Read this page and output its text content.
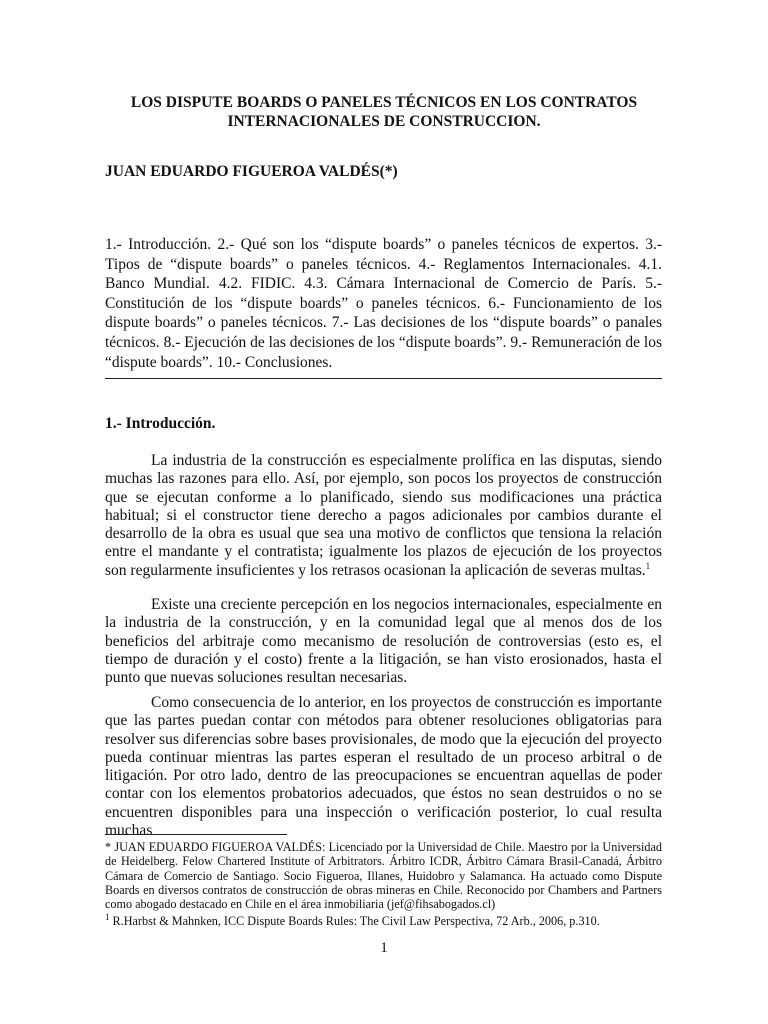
LOS DISPUTE BOARDS O PANELES TÉCNICOS EN LOS CONTRATOS INTERNACIONALES DE CONSTRUCCION.
JUAN EDUARDO FIGUEROA VALDÉS(*)

1.- Introducción. 2.- Qué son los “dispute boards” o paneles técnicos de expertos. 3.- Tipos de “dispute boards” o paneles técnicos. 4.- Reglamentos Internacionales. 4.1. Banco Mundial. 4.2. FIDIC. 4.3. Cámara Internacional de Comercio de París. 5.- Constitución de los “dispute boards” o paneles técnicos. 6.- Funcionamiento de los dispute boards” o paneles técnicos. 7.- Las decisiones de los “dispute boards” o panales técnicos. 8.- Ejecución de las decisiones de los “dispute boards”. 9.- Remuneración de los “dispute boards”. 10.- Conclusiones.

1.- Introducción.

La industria de la construcción es especialmente prolífica en las disputas, siendo muchas las razones para ello. Así, por ejemplo, son pocos los proyectos de construcción que se ejecutan conforme a lo planificado, siendo sus modificaciones una práctica habitual; si el constructor tiene derecho a pagos adicionales por cambios durante el desarrollo de la obra es usual que sea una motivo de conflictos que tensiona la relación entre el mandante y el contratista; igualmente los plazos de ejecución de los proyectos son regularmente insuficientes y los retrasos ocasionan la aplicación de severas multas.$^1$

Existe una creciente percepción en los negocios internacionales, especialmente en la industria de la construcción, y en la comunidad legal que al menos dos de los beneficios del arbitraje como mecanismo de resolución de controversias (esto es, el tiempo de duración y el costo) frente a la litigación, se han visto erosionados, hasta el punto que nuevas soluciones resultan necesarias.

Como consecuencia de lo anterior, en los proyectos de construcción es importante que las partes puedan contar con métodos para obtener resoluciones obligatorias para resolver sus diferencias sobre bases provisionales, de modo que la ejecución del proyecto pueda continuar mientras las partes esperan el resultado de un proceso arbitral o de litigación. Por otro lado, dentro de las preocupaciones se encuentran aquellas de poder contar con los elementos probatorios adecuados, que éstos no sean destruidos o no se encuentren disponibles para una inspección o verificación posterior, lo cual resulta muchas

* JUAN EDUARDO FIGUEROA VALDÉS: Licenciado por la Universidad de Chile. Maestro por la Universidad de Heidelberg. Felow Chartered Institute of Arbitrators. Árbitro ICDR, Árbitro Cámara Brasil-Canadá, Árbitro Cámara de Comercio de Santiago. Socio Figueroa, Illanes, Huidobro y Salamanca. Ha actuado como Dispute Boards en diversos contratos de construcción de obras mineras en Chile. Reconocido por Chambers and Partners como abogado destacado en Chile en el área inmobiliaria (jef@fihsabogados.cl)

$^1$ R.Harbst & Mahnken, ICC Dispute Boards Rules: The Civil Law Perspectiva, 72 Arb., 2006, p.310.

1
